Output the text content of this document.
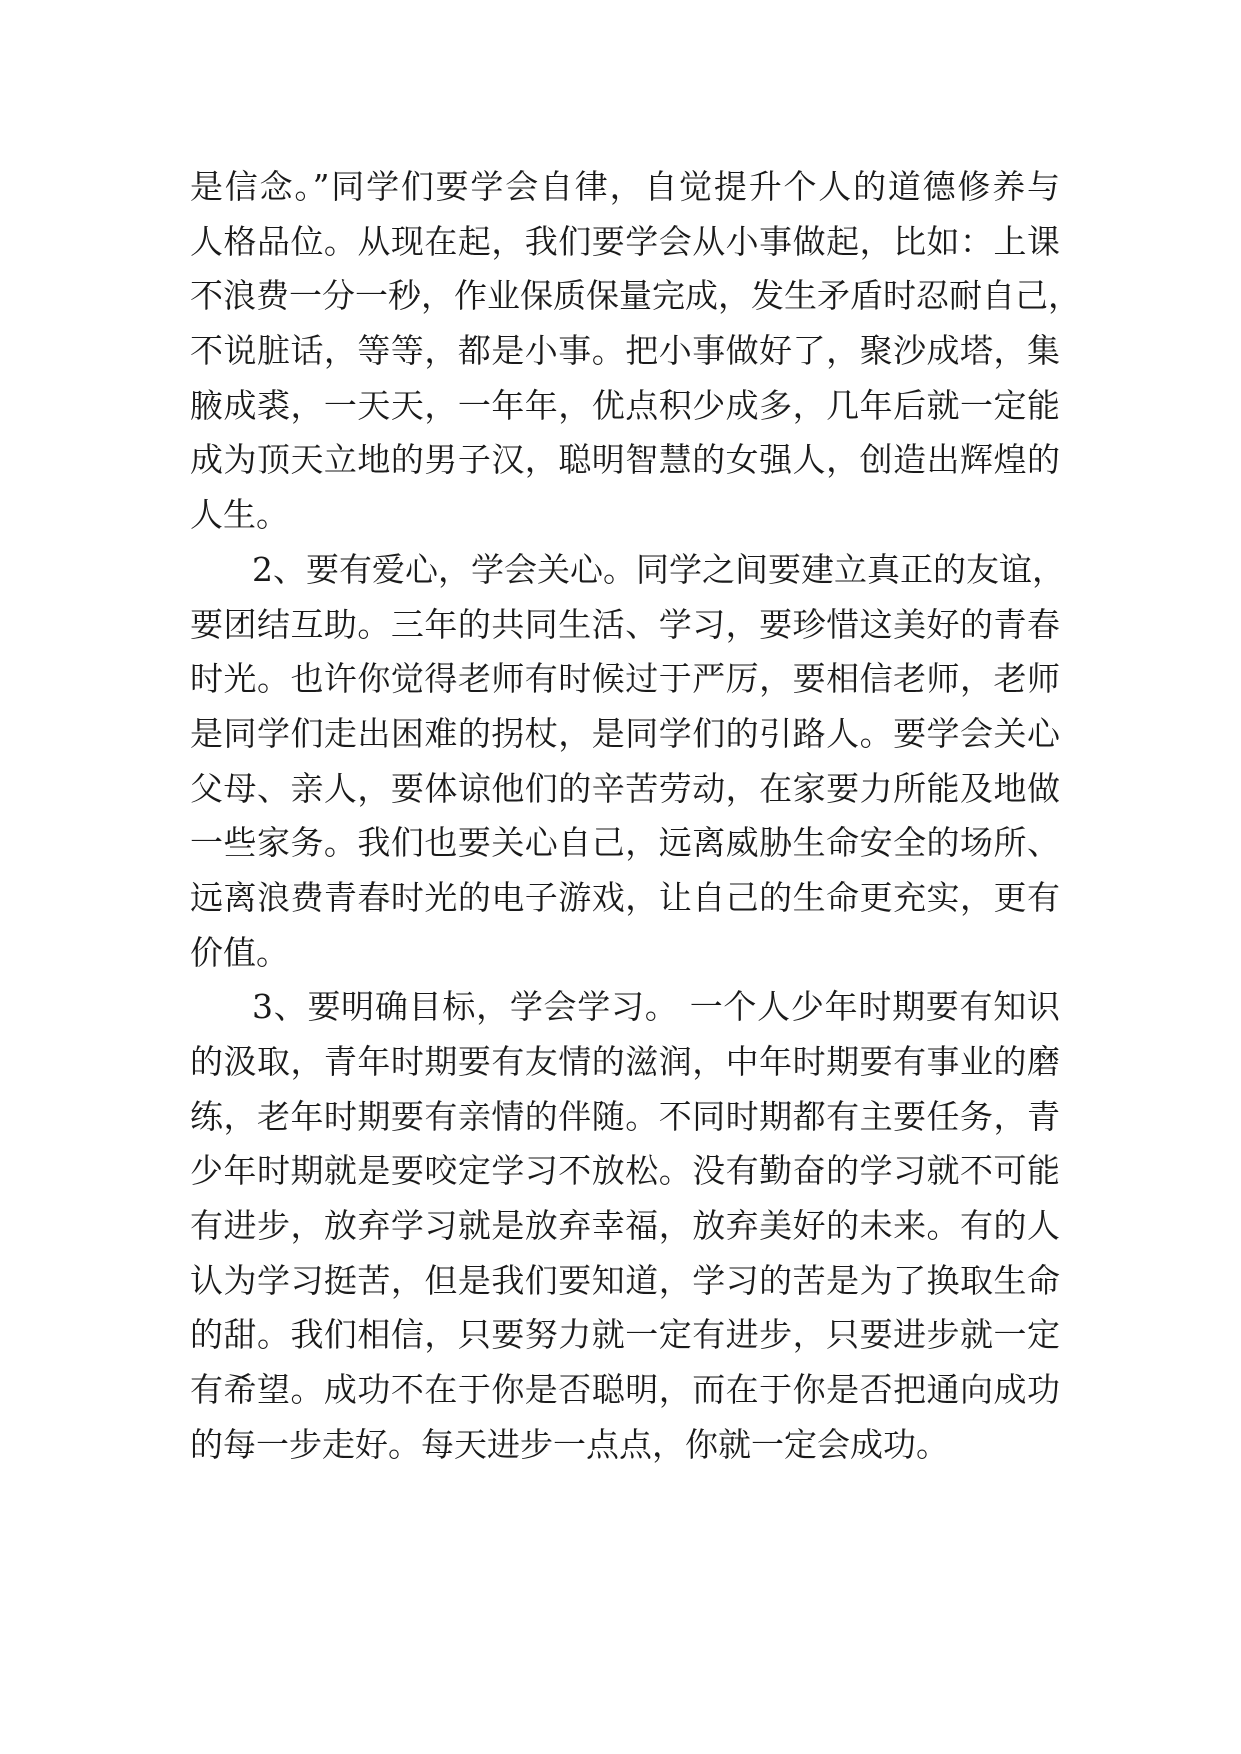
是信念。”同学们要学会自律，自觉提升个人的道德修养与
人格品位。从现在起，我们要学会从小事做起，比如：上课
不浪费一分一秒，作业保质保量完成，发生矛盾时忍耐自己，
不说脏话，等等，都是小事。把小事做好了，聚沙成塔，集
腋成裘，一天天，一年年，优点积少成多，几年后就一定能
成为顶天立地的男子汉，聪明智慧的女强人，创造出辉煌的
人生。
2、要有爱心，学会关心。同学之间要建立真正的友谊，
要团结互助。三年的共同生活、学习，要珍惜这美好的青春
时光。也许你觉得老师有时候过于严厉，要相信老师，老师
是同学们走出困难的拐杖，是同学们的引路人。要学会关心
父母、亲人，要体谅他们的辛苦劳动，在家要力所能及地做
一些家务。我们也要关心自己，远离威胁生命安全的场所、
远离浪费青春时光的电子游戏，让自己的生命更充实，更有
价值。
3、要明确目标，学会学习。 一个人少年时期要有知识
的汲取，青年时期要有友情的滋润，中年时期要有事业的磨
练，老年时期要有亲情的伴随。不同时期都有主要任务，青
少年时期就是要咬定学习不放松。没有勤奋的学习就不可能
有进步，放弃学习就是放弃幸福，放弃美好的未来。有的人
认为学习挺苦，但是我们要知道，学习的苦是为了换取生命
的甜。我们相信，只要努力就一定有进步，只要进步就一定
有希望。成功不在于你是否聪明，而在于你是否把通向成功
的每一步走好。每天进步一点点，你就一定会成功。
